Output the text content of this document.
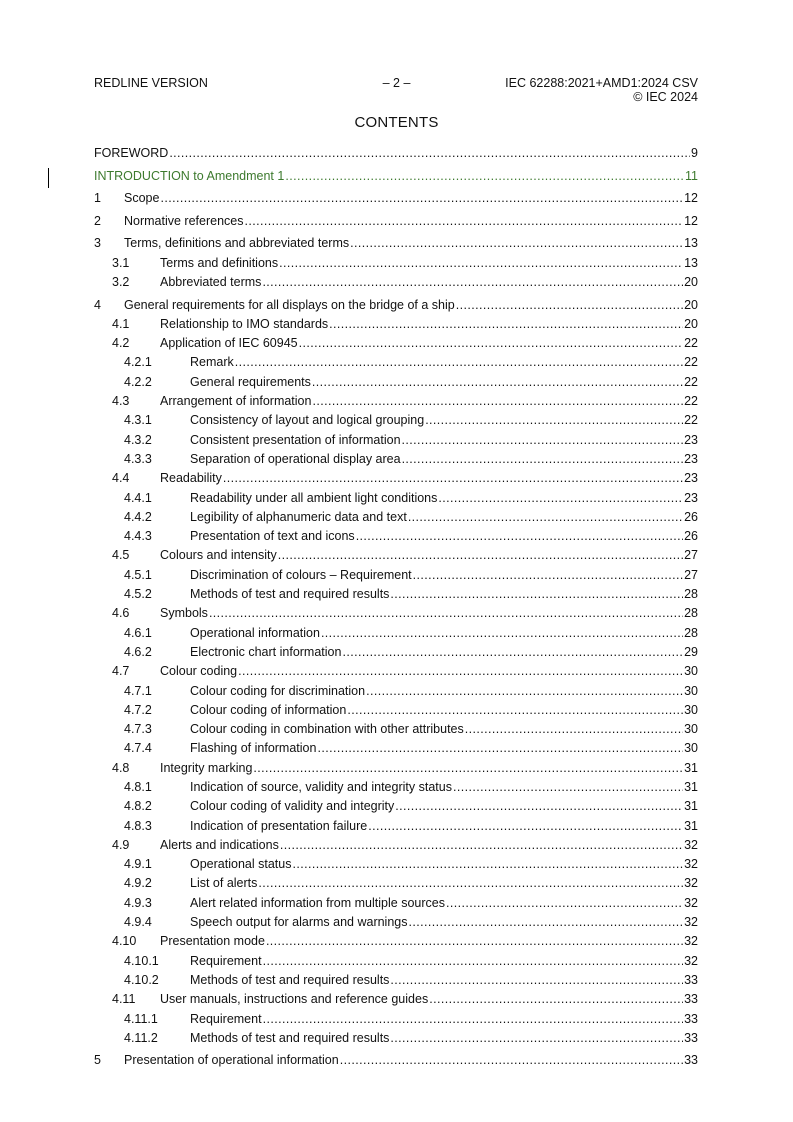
REDLINE VERSION	– 2 –	IEC 62288:2021+AMD1:2024 CSV
© IEC 2024
CONTENTS
FOREWORD .....	9
INTRODUCTION to Amendment 1 .....	11
1 Scope .....	12
2 Normative references .....	12
3 Terms, definitions and abbreviated terms .....	13
3.1 Terms and definitions .....	13
3.2 Abbreviated terms .....	20
4 General requirements for all displays on the bridge of a ship .....	20
4.1 Relationship to IMO standards .....	20
4.2 Application of IEC 60945 .....	22
4.2.1	Remark .....	22
4.2.2	General requirements .....	22
4.3 Arrangement of information .....	22
4.3.1	Consistency of layout and logical grouping .....	22
4.3.2	Consistent presentation of information .....	23
4.3.3	Separation of operational display area .....	23
4.4 Readability .....	23
4.4.1	Readability under all ambient light conditions .....	23
4.4.2	Legibility of alphanumeric data and text .....	26
4.4.3	Presentation of text and icons .....	26
4.5 Colours and intensity .....	27
4.5.1	Discrimination of colours – Requirement .....	27
4.5.2	Methods of test and required results .....	28
4.6 Symbols .....	28
4.6.1	Operational information .....	28
4.6.2	Electronic chart information .....	29
4.7 Colour coding .....	30
4.7.1	Colour coding for discrimination .....	30
4.7.2	Colour coding of information .....	30
4.7.3	Colour coding in combination with other attributes .....	30
4.7.4	Flashing of information .....	30
4.8 Integrity marking .....	31
4.8.1	Indication of source, validity and integrity status .....	31
4.8.2	Colour coding of validity and integrity .....	31
4.8.3	Indication of presentation failure .....	31
4.9 Alerts and indications .....	32
4.9.1	Operational status .....	32
4.9.2	List of alerts .....	32
4.9.3	Alert related information from multiple sources .....	32
4.9.4	Speech output for alarms and warnings .....	32
4.10 Presentation mode .....	32
4.10.1 Requirement .....	32
4.10.2 Methods of test and required results .....	33
4.11 User manuals, instructions and reference guides .....	33
4.11.1	Requirement .....	33
4.11.2	Methods of test and required results .....	33
5 Presentation of operational information .....	33
